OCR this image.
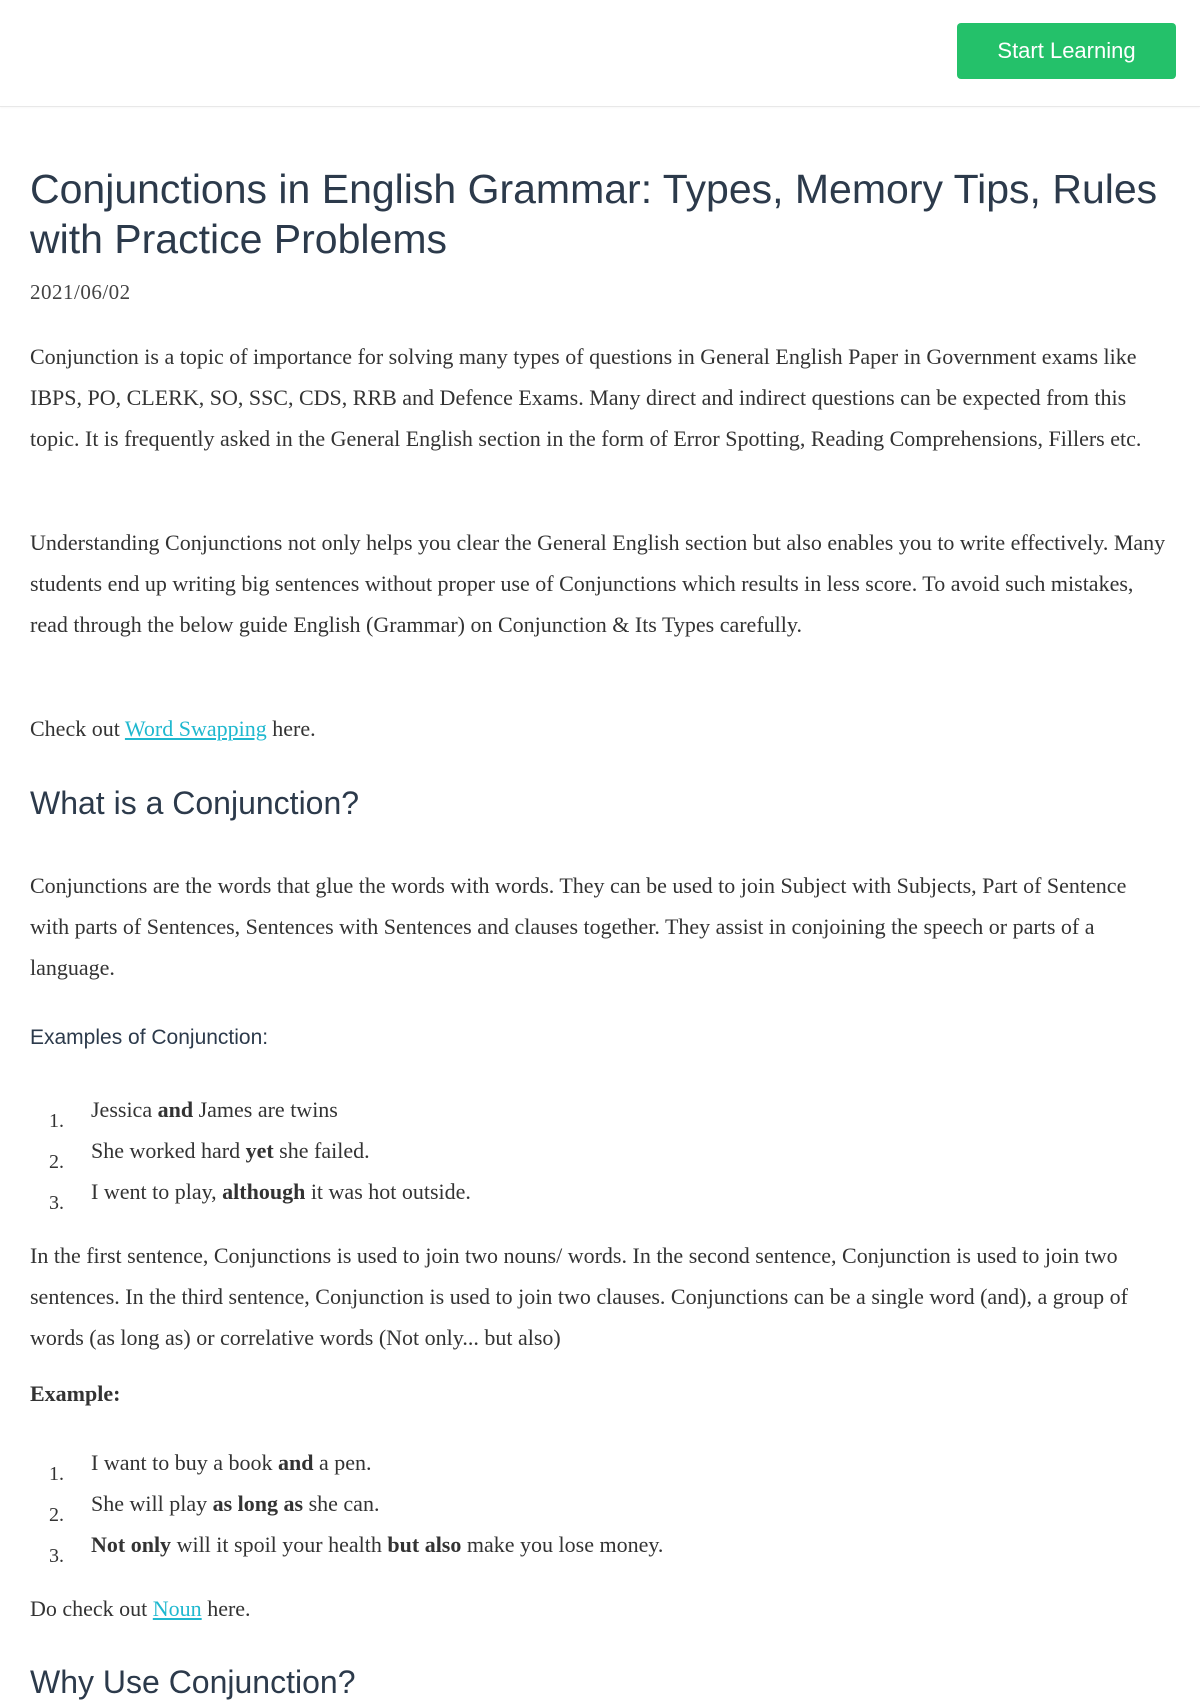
Start Learning
Conjunctions in English Grammar: Types, Memory Tips, Rules with Practice Problems
2021/06/02

Conjunction is a topic of importance for solving many types of questions in General English Paper in Government exams like IBPS, PO, CLERK, SO, SSC, CDS, RRB and Defence Exams. Many direct and indirect questions can be expected from this topic. It is frequently asked in the General English section in the form of Error Spotting, Reading Comprehensions, Fillers etc.

Understanding Conjunctions not only helps you clear the General English section but also enables you to write effectively. Many students end up writing big sentences without proper use of Conjunctions which results in less score. To avoid such mistakes, read through the below guide English (Grammar) on Conjunction & Its Types carefully.

Check out Word Swapping here.

What is a Conjunction?

Conjunctions are the words that glue the words with words. They can be used to join Subject with Subjects, Part of Sentence with parts of Sentences, Sentences with Sentences and clauses together. They assist in conjoining the speech or parts of a language.

Examples of Conjunction:
1. Jessica and James are twins
2. She worked hard yet she failed.
3. I went to play, although it was hot outside.

In the first sentence, Conjunctions is used to join two nouns/ words. In the second sentence, Conjunction is used to join two sentences. In the third sentence, Conjunction is used to join two clauses. Conjunctions can be a single word (and), a group of words (as long as) or correlative words (Not only... but also)

Example:
1. I want to buy a book and a pen.
2. She will play as long as she can.
3. Not only will it spoil your health but also make you lose money.

Do check out Noun here.

Why Use Conjunction?
